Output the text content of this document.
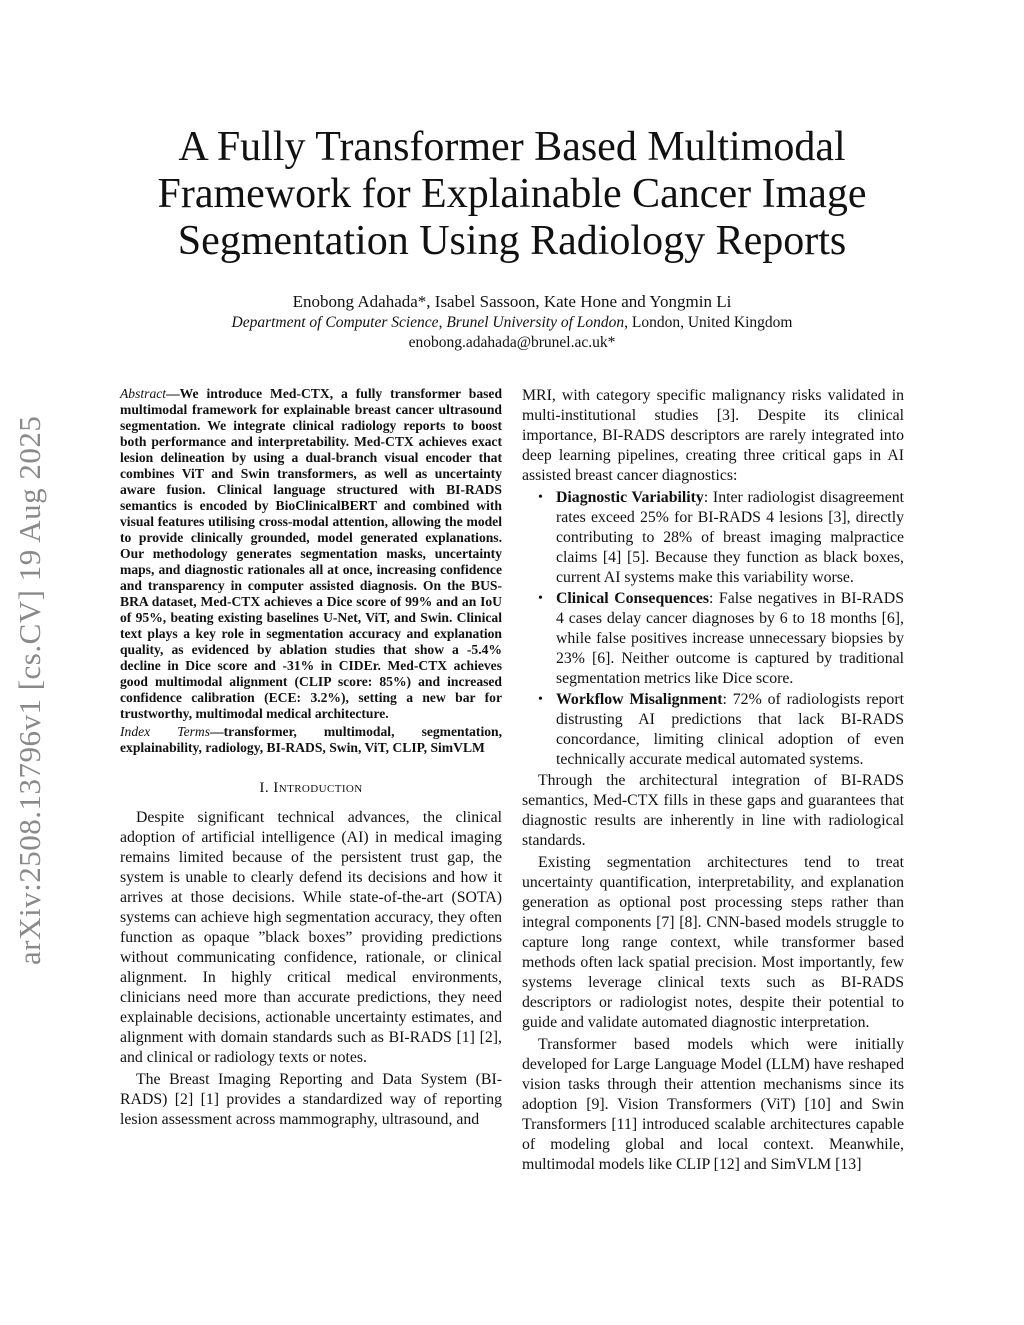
arXiv:2508.13796v1 [cs.CV] 19 Aug 2025
A Fully Transformer Based Multimodal Framework for Explainable Cancer Image Segmentation Using Radiology Reports
Enobong Adahada*, Isabel Sassoon, Kate Hone and Yongmin Li
Department of Computer Science, Brunel University of London, London, United Kingdom
enobong.adahada@brunel.ac.uk*
Abstract—We introduce Med-CTX, a fully transformer based multimodal framework for explainable breast cancer ultrasound segmentation. We integrate clinical radiology reports to boost both performance and interpretability. Med-CTX achieves exact lesion delineation by using a dual-branch visual encoder that combines ViT and Swin transformers, as well as uncertainty aware fusion. Clinical language structured with BI-RADS semantics is encoded by BioClinicalBERT and combined with visual features utilising cross-modal attention, allowing the model to provide clinically grounded, model generated explanations. Our methodology generates segmentation masks, uncertainty maps, and diagnostic rationales all at once, increasing confidence and transparency in computer assisted diagnosis. On the BUS-BRA dataset, Med-CTX achieves a Dice score of 99% and an IoU of 95%, beating existing baselines U-Net, ViT, and Swin. Clinical text plays a key role in segmentation accuracy and explanation quality, as evidenced by ablation studies that show a -5.4% decline in Dice score and -31% in CIDEr. Med-CTX achieves good multimodal alignment (CLIP score: 85%) and increased confidence calibration (ECE: 3.2%), setting a new bar for trustworthy, multimodal medical architecture.
Index Terms—transformer, multimodal, segmentation, explainability, radiology, BI-RADS, Swin, ViT, CLIP, SimVLM
I. Introduction

Despite significant technical advances, the clinical adoption of artificial intelligence (AI) in medical imaging remains limited because of the persistent trust gap, the system is unable to clearly defend its decisions and how it arrives at those decisions. While state-of-the-art (SOTA) systems can achieve high segmentation accuracy, they often function as opaque ”black boxes” providing predictions without communicating confidence, rationale, or clinical alignment. In highly critical medical environments, clinicians need more than accurate predictions, they need explainable decisions, actionable uncertainty estimates, and alignment with domain standards such as BI-RADS [1] [2], and clinical or radiology texts or notes.

The Breast Imaging Reporting and Data System (BI-RADS) [2] [1] provides a standardized way of reporting lesion assessment across mammography, ultrasound, and

MRI, with category specific malignancy risks validated in multi-institutional studies [3]. Despite its clinical importance, BI-RADS descriptors are rarely integrated into deep learning pipelines, creating three critical gaps in AI assisted breast cancer diagnostics:

• Diagnostic Variability: Inter radiologist disagreement rates exceed 25% for BI-RADS 4 lesions [3], directly contributing to 28% of breast imaging malpractice claims [4] [5]. Because they function as black boxes, current AI systems make this variability worse.
• Clinical Consequences: False negatives in BI-RADS 4 cases delay cancer diagnoses by 6 to 18 months [6], while false positives increase unnecessary biopsies by 23% [6]. Neither outcome is captured by traditional segmentation metrics like Dice score.
• Workflow Misalignment: 72% of radiologists report distrusting AI predictions that lack BI-RADS concordance, limiting clinical adoption of even technically accurate medical automated systems.

Through the architectural integration of BI-RADS semantics, Med-CTX fills in these gaps and guarantees that diagnostic results are inherently in line with radiological standards.

Existing segmentation architectures tend to treat uncertainty quantification, interpretability, and explanation generation as optional post processing steps rather than integral components [7] [8]. CNN-based models struggle to capture long range context, while transformer based methods often lack spatial precision. Most importantly, few systems leverage clinical texts such as BI-RADS descriptors or radiologist notes, despite their potential to guide and validate automated diagnostic interpretation.

Transformer based models which were initially developed for Large Language Model (LLM) have reshaped vision tasks through their attention mechanisms since its adoption [9]. Vision Transformers (ViT) [10] and Swin Transformers [11] introduced scalable architectures capable of modeling global and local context. Meanwhile, multimodal models like CLIP [12] and SimVLM [13]
